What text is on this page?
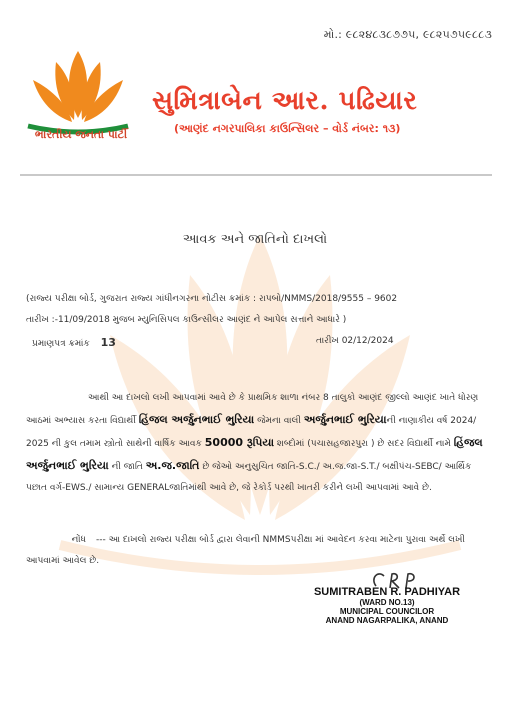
ભારતીય જનતા પાર્ટી
મો.: ૯૮૨૪૮૩૮૭૭૫, ૯૮૨૫૭૫૯૮૮૩
સુમિત્રાબેન આર. પઢિયાર
(આણંદ નગરપાલિકા કાઉન્સિલર – વોર્ડ નંબર: ૧૩)
આવક અને જાતિનો દાખલો
(રાજ્ય પરીક્ષા બોર્ડ, ગુજરાત રાજ્ય ગાંધીનગરના નોટીસ ક્રમાંક : રાપબો/NMMS/2018/9555 – 9602
તારીખ :-11/09/2018 મુજબ મ્યુનિસિપલ કાઉન્સીલર આણંદ ને આપેલ સત્તાને આધારે )
પ્રમાણપત્ર ક્રમાંક 13	તારીખ 02/12/2024
આથી આ દાખલો લખી આપવામાં આવે છે કે પ્રાથમિક શાળા નંબર 8 તાલુકો આણંદ જીલ્લો આણંદ ખાતે ધોરણ આઠમાં અભ્યાસ કરતા વિદ્યાર્થી હિંજલ અર્જુનભાઈ ભુરિયા જેમના વાલી અર્જુનભાઈ ભુરિયાની નાણાકીય વર્ષ 2024/ 2025 ની કુલ તમામ સ્ત્રોતો સાથેની વાર્ષિક આવક 50000 રૂપિયા શબ્દોમાં (પચાસહજારપુરા ) છે સદર વિદ્યાર્થી નામે હિંજલ અર્જુનભાઈ ભુરિયા ની જાતિ અ.જ.જાતિ છે જેઓ અનુસુચિત જાતિ-S.C./ અ.જ.જા-S.T./ બક્ષીપંચ-SEBC/ આર્થિક પછાત વર્ગ-EWS./ સામાન્ય GENERALજાતિમાંથી આવે છે, જે રેકોર્ડ પરથી ખાતરી કરીને લખી આપવામાં આવે છે.
નોંધ --- આ દાખલો રાજ્ય પરીક્ષા બોર્ડ દ્વારા લેવાની NMMSપરીક્ષા માં આવેદન કરવા માટેના પુરાવા અર્થે લખી આપવામાં આવેલ છે.
SUMITRABEN R. PADHIYAR
(WARD NO.13)
MUNICIPAL COUNCILOR
ANAND NAGARPALIKA, ANAND
